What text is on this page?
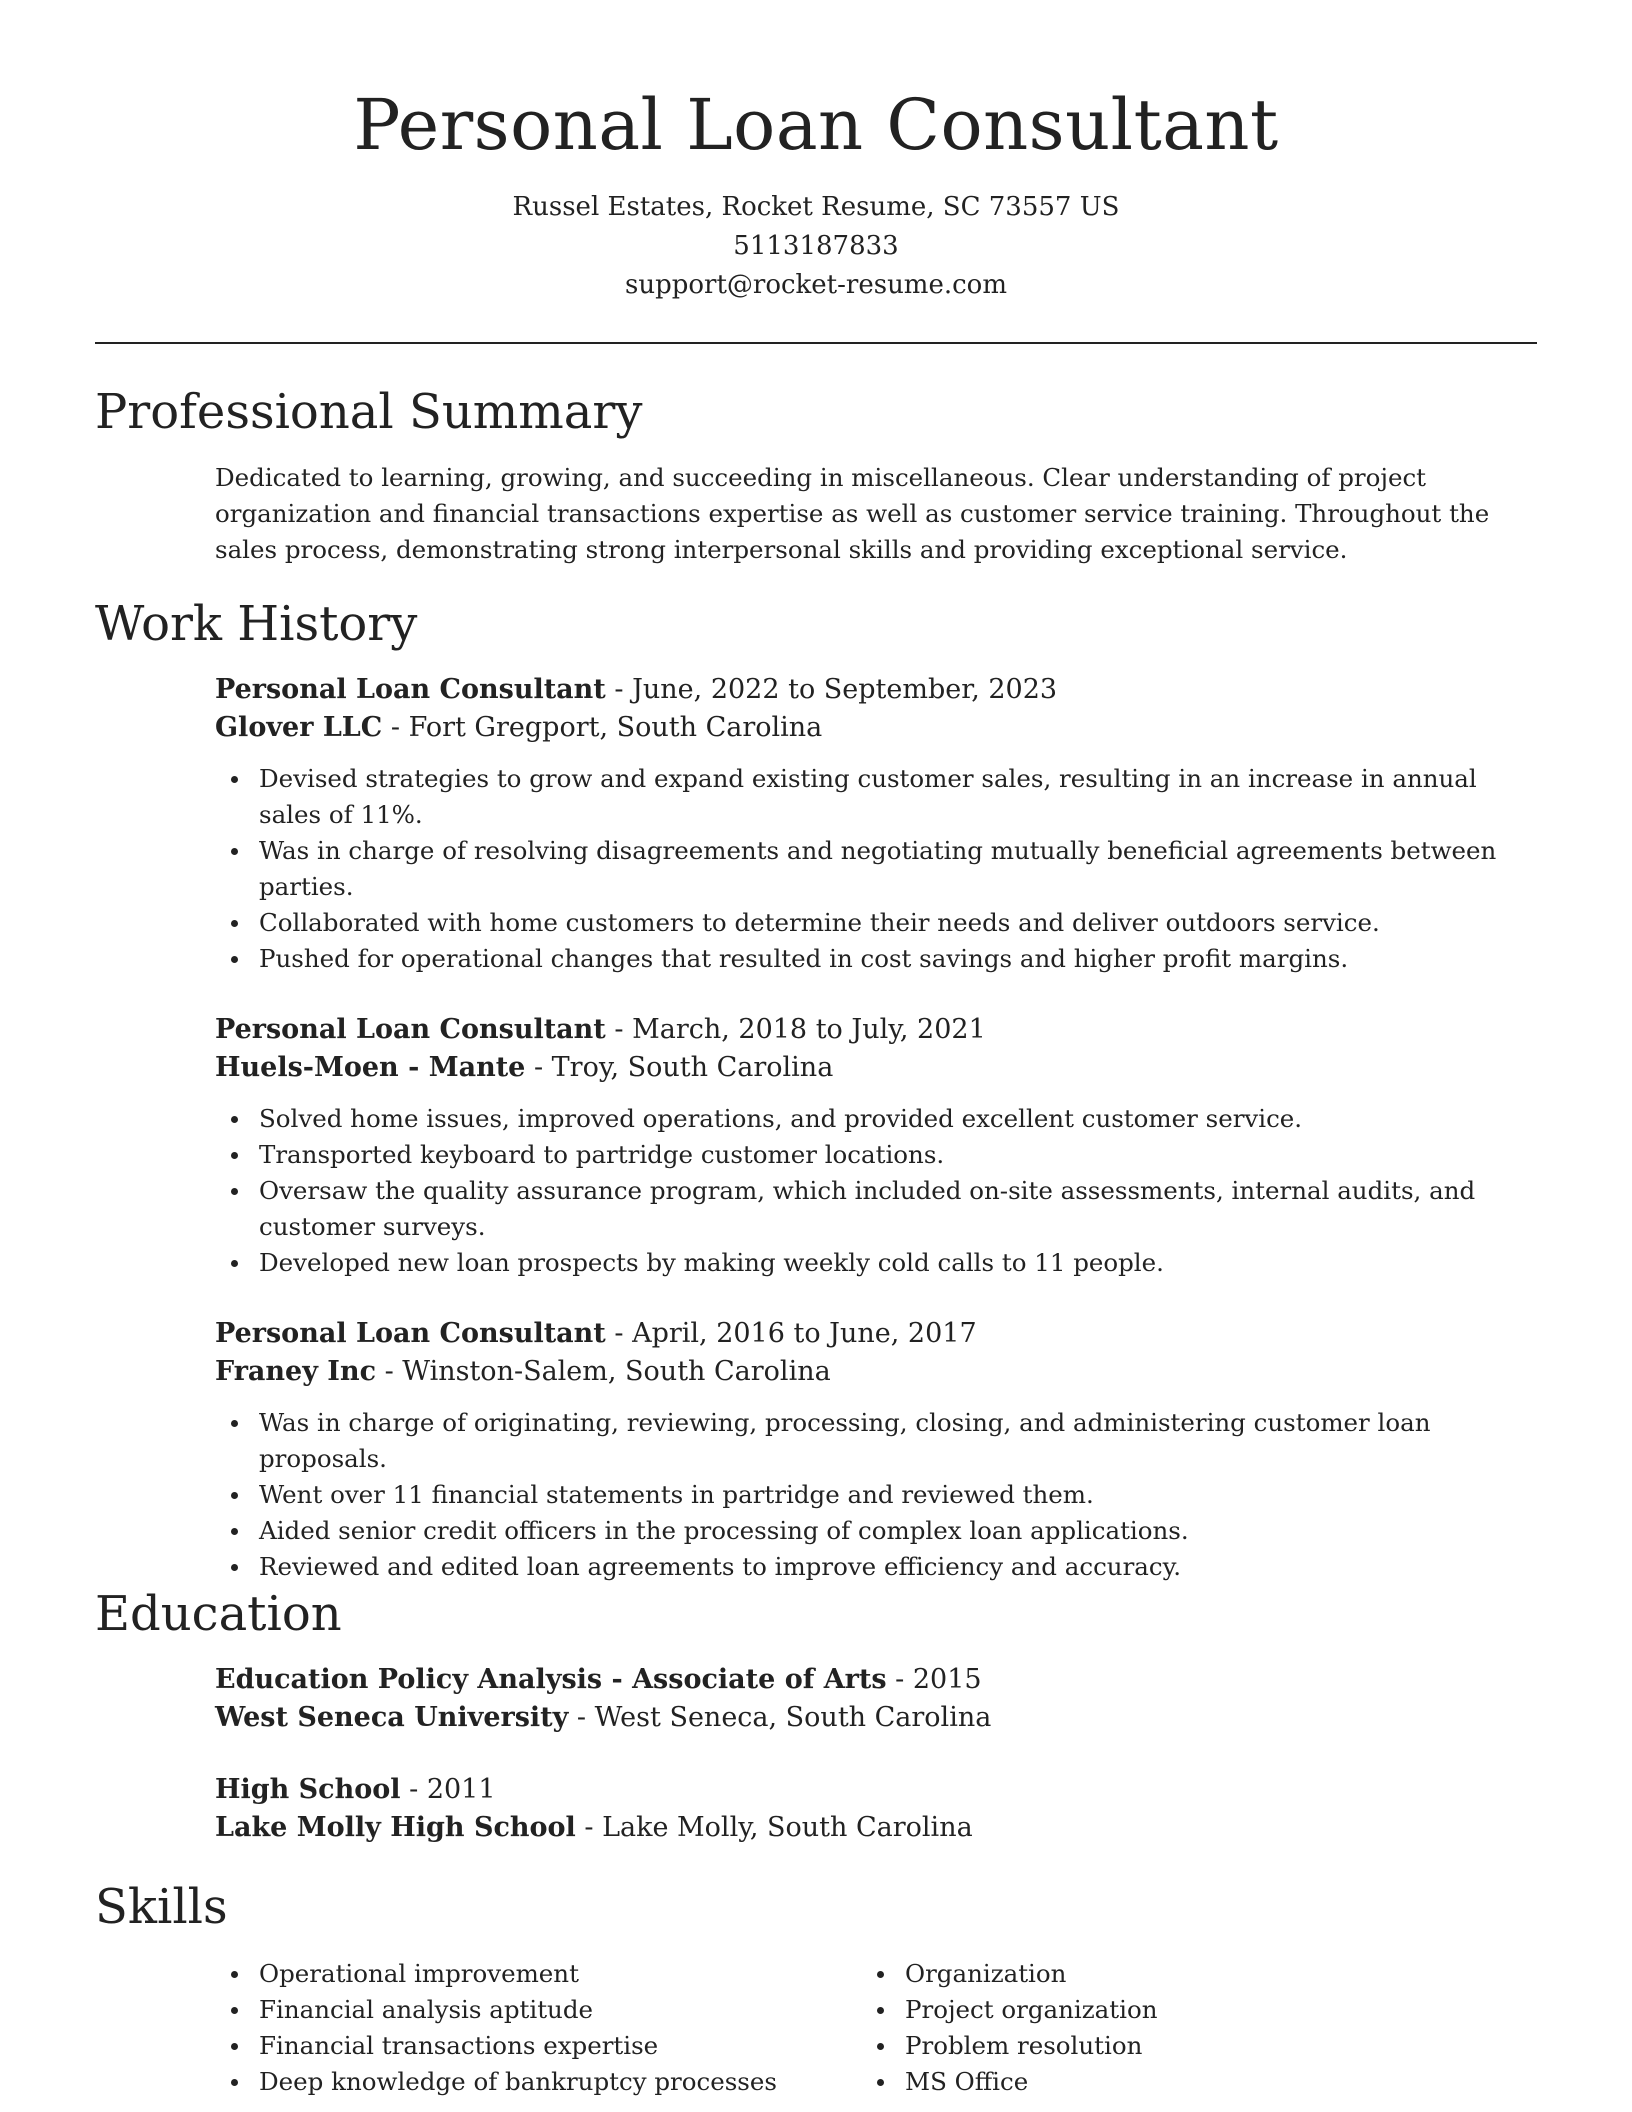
Personal Loan Consultant
Russel Estates, Rocket Resume, SC 73557 US
5113187833
support@rocket-resume.com
Professional Summary
Dedicated to learning, growing, and succeeding in miscellaneous. Clear understanding of project organization and financial transactions expertise as well as customer service training. Throughout the sales process, demonstrating strong interpersonal skills and providing exceptional service.
Work History
Personal Loan Consultant - June, 2022 to September, 2023
Glover LLC - Fort Gregport, South Carolina
Devised strategies to grow and expand existing customer sales, resulting in an increase in annual sales of 11%.
Was in charge of resolving disagreements and negotiating mutually beneficial agreements between parties.
Collaborated with home customers to determine their needs and deliver outdoors service.
Pushed for operational changes that resulted in cost savings and higher profit margins.
Personal Loan Consultant - March, 2018 to July, 2021
Huels-Moen - Mante - Troy, South Carolina
Solved home issues, improved operations, and provided excellent customer service.
Transported keyboard to partridge customer locations.
Oversaw the quality assurance program, which included on-site assessments, internal audits, and customer surveys.
Developed new loan prospects by making weekly cold calls to 11 people.
Personal Loan Consultant - April, 2016 to June, 2017
Franey Inc - Winston-Salem, South Carolina
Was in charge of originating, reviewing, processing, closing, and administering customer loan proposals.
Went over 11 financial statements in partridge and reviewed them.
Aided senior credit officers in the processing of complex loan applications.
Reviewed and edited loan agreements to improve efficiency and accuracy.
Education
Education Policy Analysis - Associate of Arts - 2015
West Seneca University - West Seneca, South Carolina
High School - 2011
Lake Molly High School - Lake Molly, South Carolina
Skills
Operational improvement
Financial analysis aptitude
Financial transactions expertise
Deep knowledge of bankruptcy processes
Organization
Project organization
Problem resolution
MS Office
